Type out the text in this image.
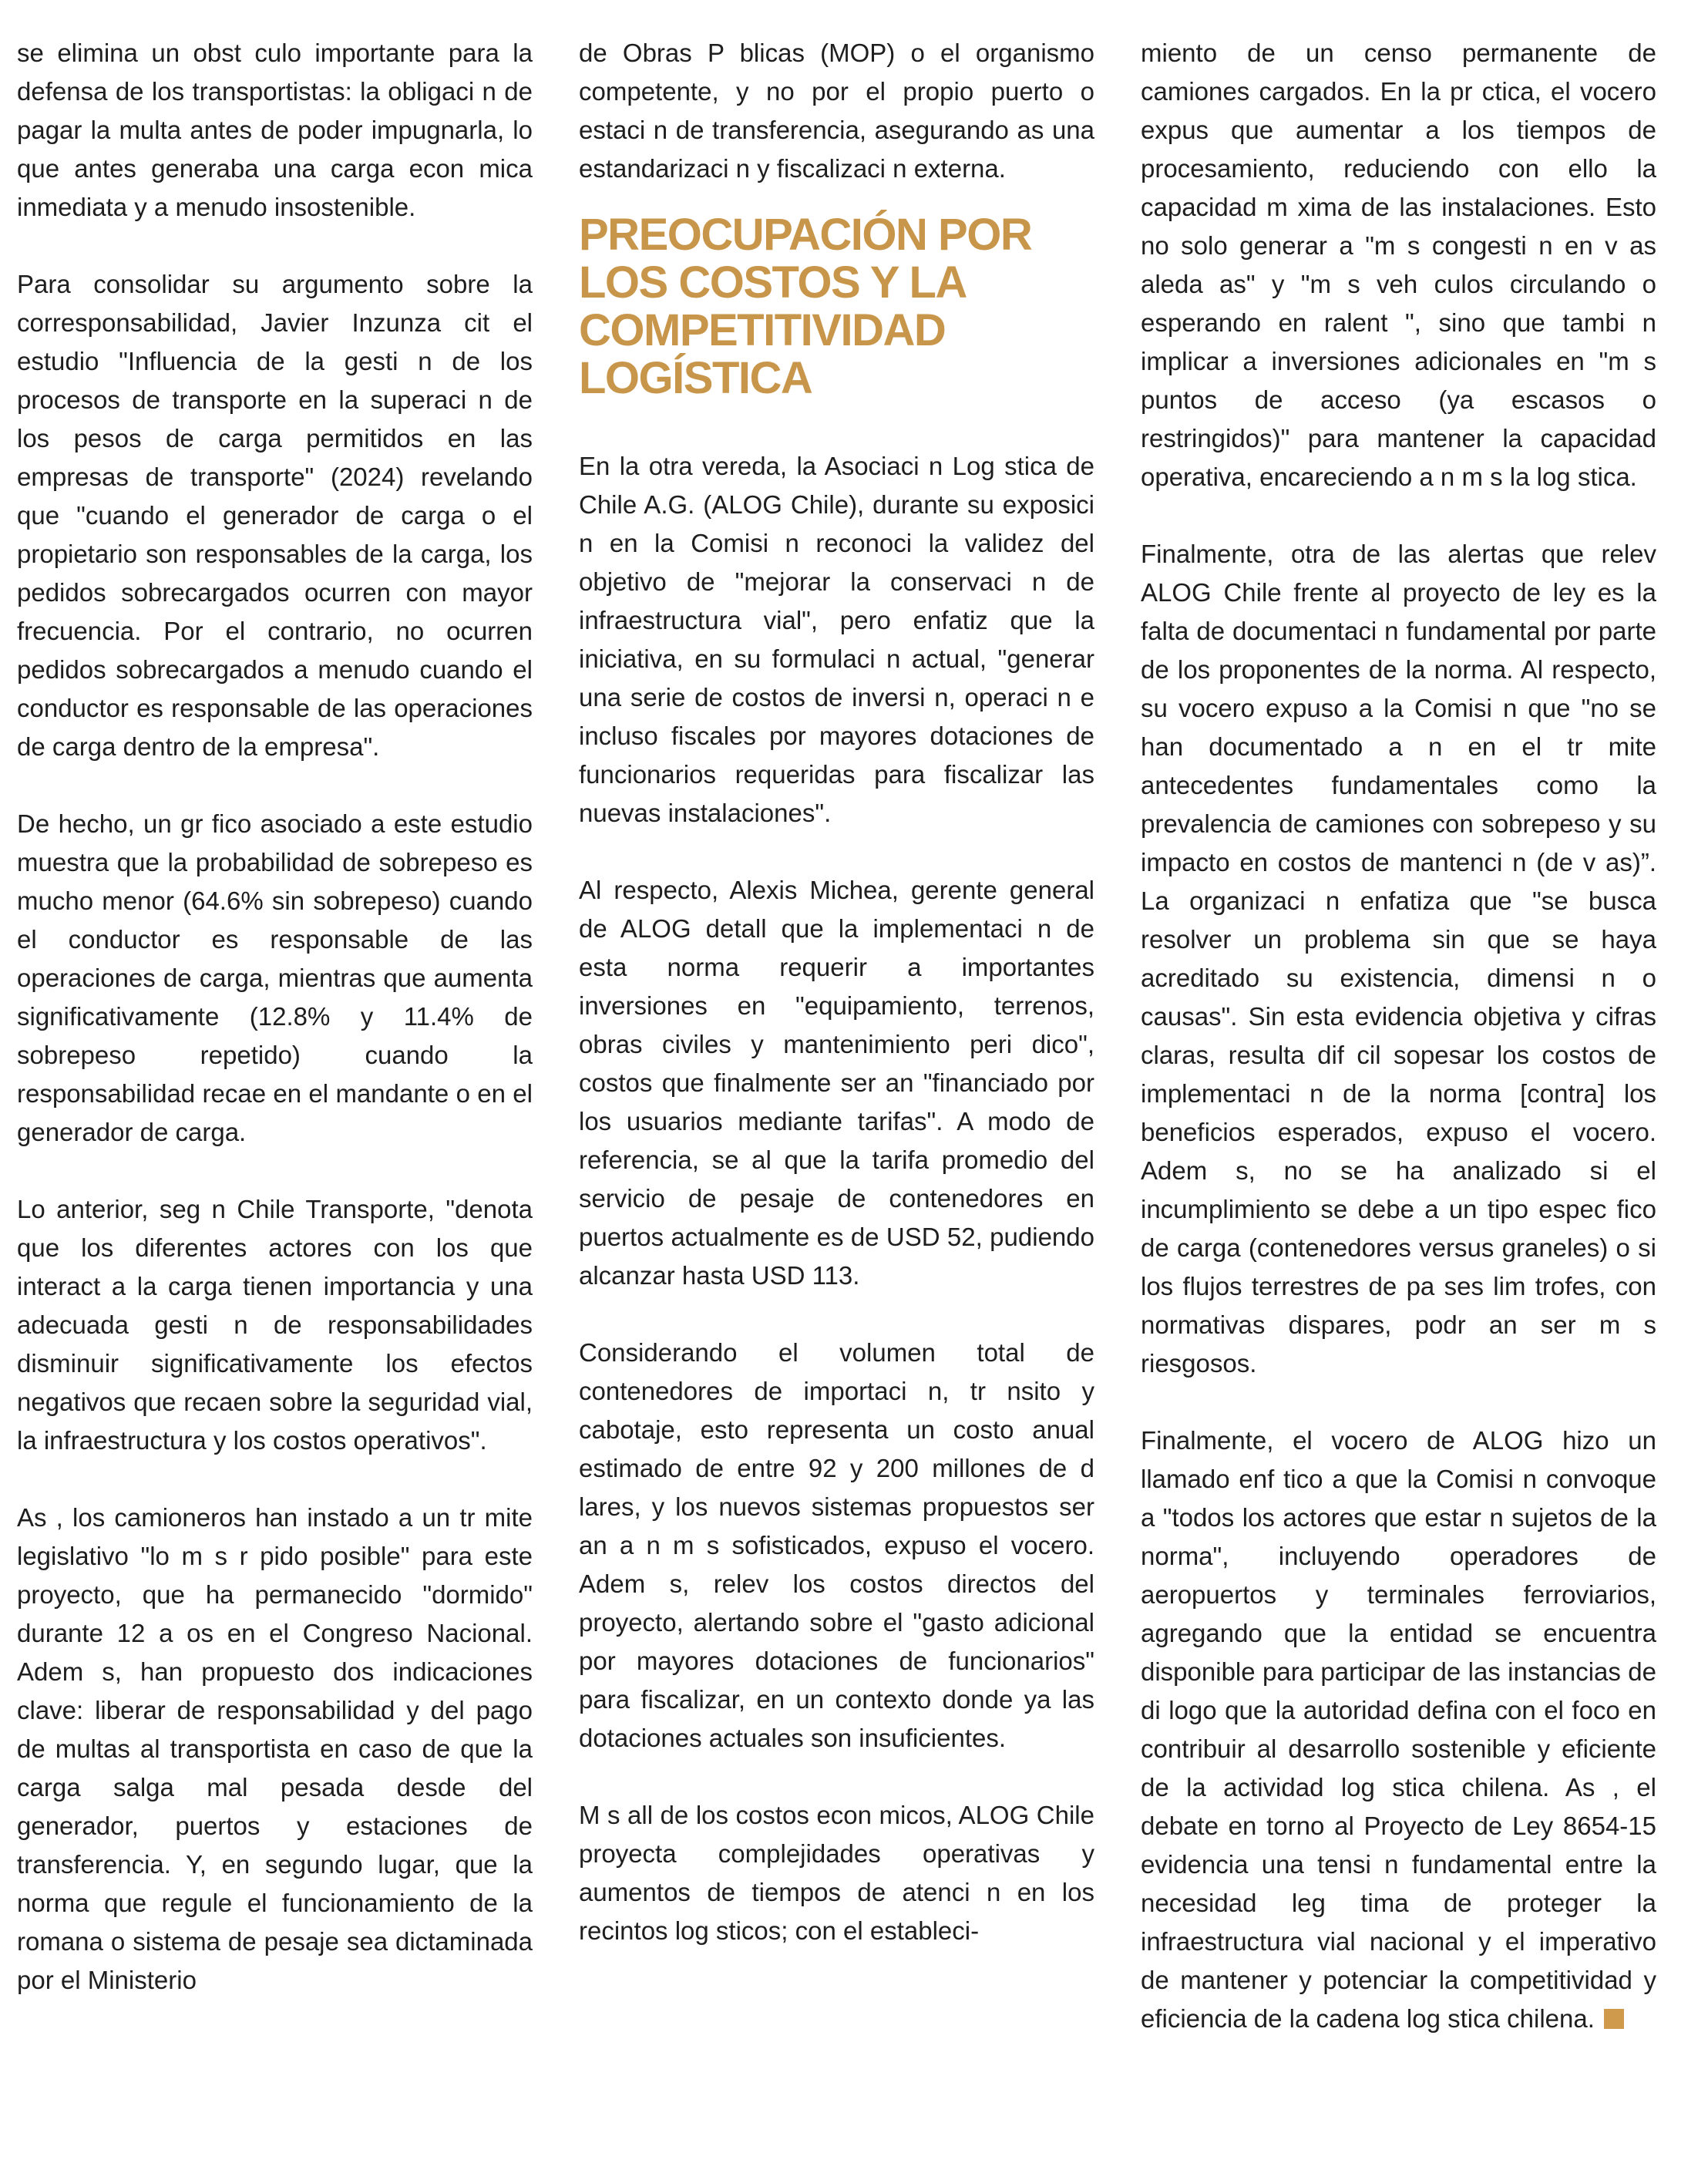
se elimina un obst culo importante para la defensa de los transportistas: la obligaci n de pagar la multa antes de poder impugnarla, lo que antes generaba una carga econ mica inmediata y a menudo insostenible.

Para consolidar su argumento sobre la corresponsabilidad, Javier Inzunza cit el estudio "Influencia de la gesti n de los procesos de transporte en la superaci n de los pesos de carga permitidos en las empresas de transporte" (2024) revelando que "cuando el generador de carga o el propietario son responsables de la carga, los pedidos sobrecargados ocurren con mayor frecuencia. Por el contrario, no ocurren pedidos sobrecargados a menudo cuando el conductor es responsable de las operaciones de carga dentro de la empresa".

De hecho, un gr fico asociado a este estudio muestra que la probabilidad de sobrepeso es mucho menor (64.6% sin sobrepeso) cuando el conductor es responsable de las operaciones de carga, mientras que aumenta significativamente (12.8% y 11.4% de sobrepeso repetido) cuando la responsabilidad recae en el mandante o en el generador de carga.

Lo anterior, seg n Chile Transporte, "denota que los diferentes actores con los que interact a la carga tienen importancia y una adecuada gesti n de responsabilidades disminuir significativamente los efectos negativos que recaen sobre la seguridad vial, la infraestructura y los costos operativos".

As , los camioneros han instado a un tr mite legislativo "lo m s r pido posible" para este proyecto, que ha permanecido "dormido" durante 12 a os en el Congreso Nacional. Adem s, han propuesto dos indicaciones clave: liberar de responsabilidad y del pago de multas al transportista en caso de que la carga salga mal pesada desde del generador, puertos y estaciones de transferencia. Y, en segundo lugar, que la norma que regule el funcionamiento de la romana o sistema de pesaje sea dictaminada por el Ministerio

de Obras P blicas (MOP) o el organismo competente, y no por el propio puerto o estaci n de transferencia, asegurando as una estandarizaci n y fiscalizaci n externa.

PREOCUPACIÓN POR LOS COSTOS Y LA COMPETITIVIDAD LOGÍSTICA

En la otra vereda, la Asociaci n Log stica de Chile A.G. (ALOG Chile), durante su exposici n en la Comisi n reconoci la validez del objetivo de "mejorar la conservaci n de infraestructura vial", pero enfatiz que la iniciativa, en su formulaci n actual, "generar una serie de costos de inversi n, operaci n e incluso fiscales por mayores dotaciones de funcionarios requeridas para fiscalizar las nuevas instalaciones".

Al respecto, Alexis Michea, gerente general de ALOG detall que la implementaci n de esta norma requerir a importantes inversiones en "equipamiento, terrenos, obras civiles y mantenimiento peri dico", costos que finalmente ser an "financiado por los usuarios mediante tarifas". A modo de referencia, se al que la tarifa promedio del servicio de pesaje de contenedores en puertos actualmente es de USD 52, pudiendo alcanzar hasta USD 113.

Considerando el volumen total de contenedores de importaci n, tr nsito y cabotaje, esto representa un costo anual estimado de entre 92 y 200 millones de d lares, y los nuevos sistemas propuestos ser an a n m s sofisticados, expuso el vocero. Adem s, relev los costos directos del proyecto, alertando sobre el "gasto adicional por mayores dotaciones de funcionarios" para fiscalizar, en un contexto donde ya las dotaciones actuales son insuficientes.

M s all de los costos econ micos, ALOG Chile proyecta complejidades operativas y aumentos de tiempos de atenci n en los recintos log sticos; con el estableci-

miento de un censo permanente de camiones cargados. En la pr ctica, el vocero expus que aumentar a los tiempos de procesamiento, reduciendo con ello la capacidad m xima de las instalaciones. Esto no solo generar a "m s congesti n en v as aleda as" y "m s veh culos circulando o esperando en ralent ", sino que tambi n implicar a inversiones adicionales en "m s puntos de acceso (ya escasos o restringidos)" para mantener la capacidad operativa, encareciendo a n m s la log stica.

Finalmente, otra de las alertas que relev ALOG Chile frente al proyecto de ley es la falta de documentaci n fundamental por parte de los proponentes de la norma. Al respecto, su vocero expuso a la Comisi n que "no se han documentado a n en el tr mite antecedentes fundamentales como la prevalencia de camiones con sobrepeso y su impacto en costos de mantenci n (de v as)”. La organizaci n enfatiza que "se busca resolver un problema sin que se haya acreditado su existencia, dimensi n o causas". Sin esta evidencia objetiva y cifras claras, resulta dif cil sopesar los costos de implementaci n de la norma [contra] los beneficios esperados, expuso el vocero. Adem s, no se ha analizado si el incumplimiento se debe a un tipo espec fico de carga (contenedores versus graneles) o si los flujos terrestres de pa ses lim trofes, con normativas dispares, podr an ser m s riesgosos.

Finalmente, el vocero de ALOG hizo un llamado enf tico a que la Comisi n convoque a "todos los actores que estar n sujetos de la norma", incluyendo operadores de aeropuertos y terminales ferroviarios, agregando que la entidad se encuentra disponible para participar de las instancias de di logo que la autoridad defina con el foco en contribuir al desarrollo sostenible y eficiente de la actividad log stica chilena. As , el debate en torno al Proyecto de Ley 8654-15 evidencia una tensi n fundamental entre la necesidad leg tima de proteger la infraestructura vial nacional y el imperativo de mantener y potenciar la competitividad y eficiencia de la cadena log stica chilena.
